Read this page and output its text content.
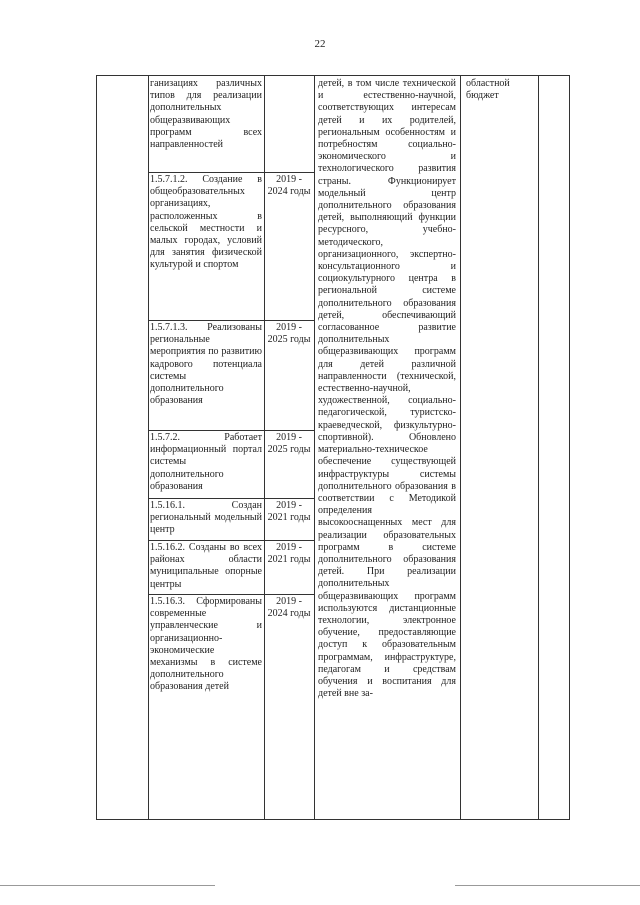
22
ганизациях различных типов для реализации дополнительных общеразвивающих программ всех направленностей
1.5.7.1.2. Создание в общеобразовательных организациях, расположенных в сельской местности и малых городах, условий для занятия физической культурой и спортом
2019 - 2024 годы
1.5.7.1.3. Реализованы региональные мероприятия по развитию кадрового потенциала системы дополнительного образования
2019 - 2025 годы
1.5.7.2. Работает информационный портал системы дополнительного образования
2019 - 2025 годы
1.5.16.1. Создан региональный модельный центр
2019 - 2021 годы
1.5.16.2. Созданы во всех районах области муниципальные опорные центры
2019 - 2021 годы
1.5.16.3. Сформированы современные управленческие и организационно-экономические механизмы в системе дополнительного образования детей
2019 - 2024 годы
детей, в том числе технической и естественно-научной, соответствующих интересам детей и их родителей, региональным особенностям и потребностям социально-экономического и технологического развития страны. Функционирует модельный центр дополнительного образования детей, выполняющий функции ресурсного, учебно-методического, организационного, экспертно-консультационного и социокультурного центра в региональной системе дополнительного образования детей, обеспечивающий согласованное развитие дополнительных общеразвивающих программ для детей различной направленности (технической, естественно-научной, художественной, социально-педагогической, туристско-краеведческой, физкультурно-спортивной). Обновлено материально-техническое обеспечение существующей инфраструктуры системы дополнительного образования в соответствии с Методикой определения высокооснащенных мест для реализации образовательных программ в системе дополнительного образования детей. При реализации дополнительных общеразвивающих программ используются дистанционные технологии, электронное обучение, предоставляющие доступ к образовательным программам, инфраструктуре, педагогам и средствам обучения и воспитания для детей вне за-
областной бюджет
